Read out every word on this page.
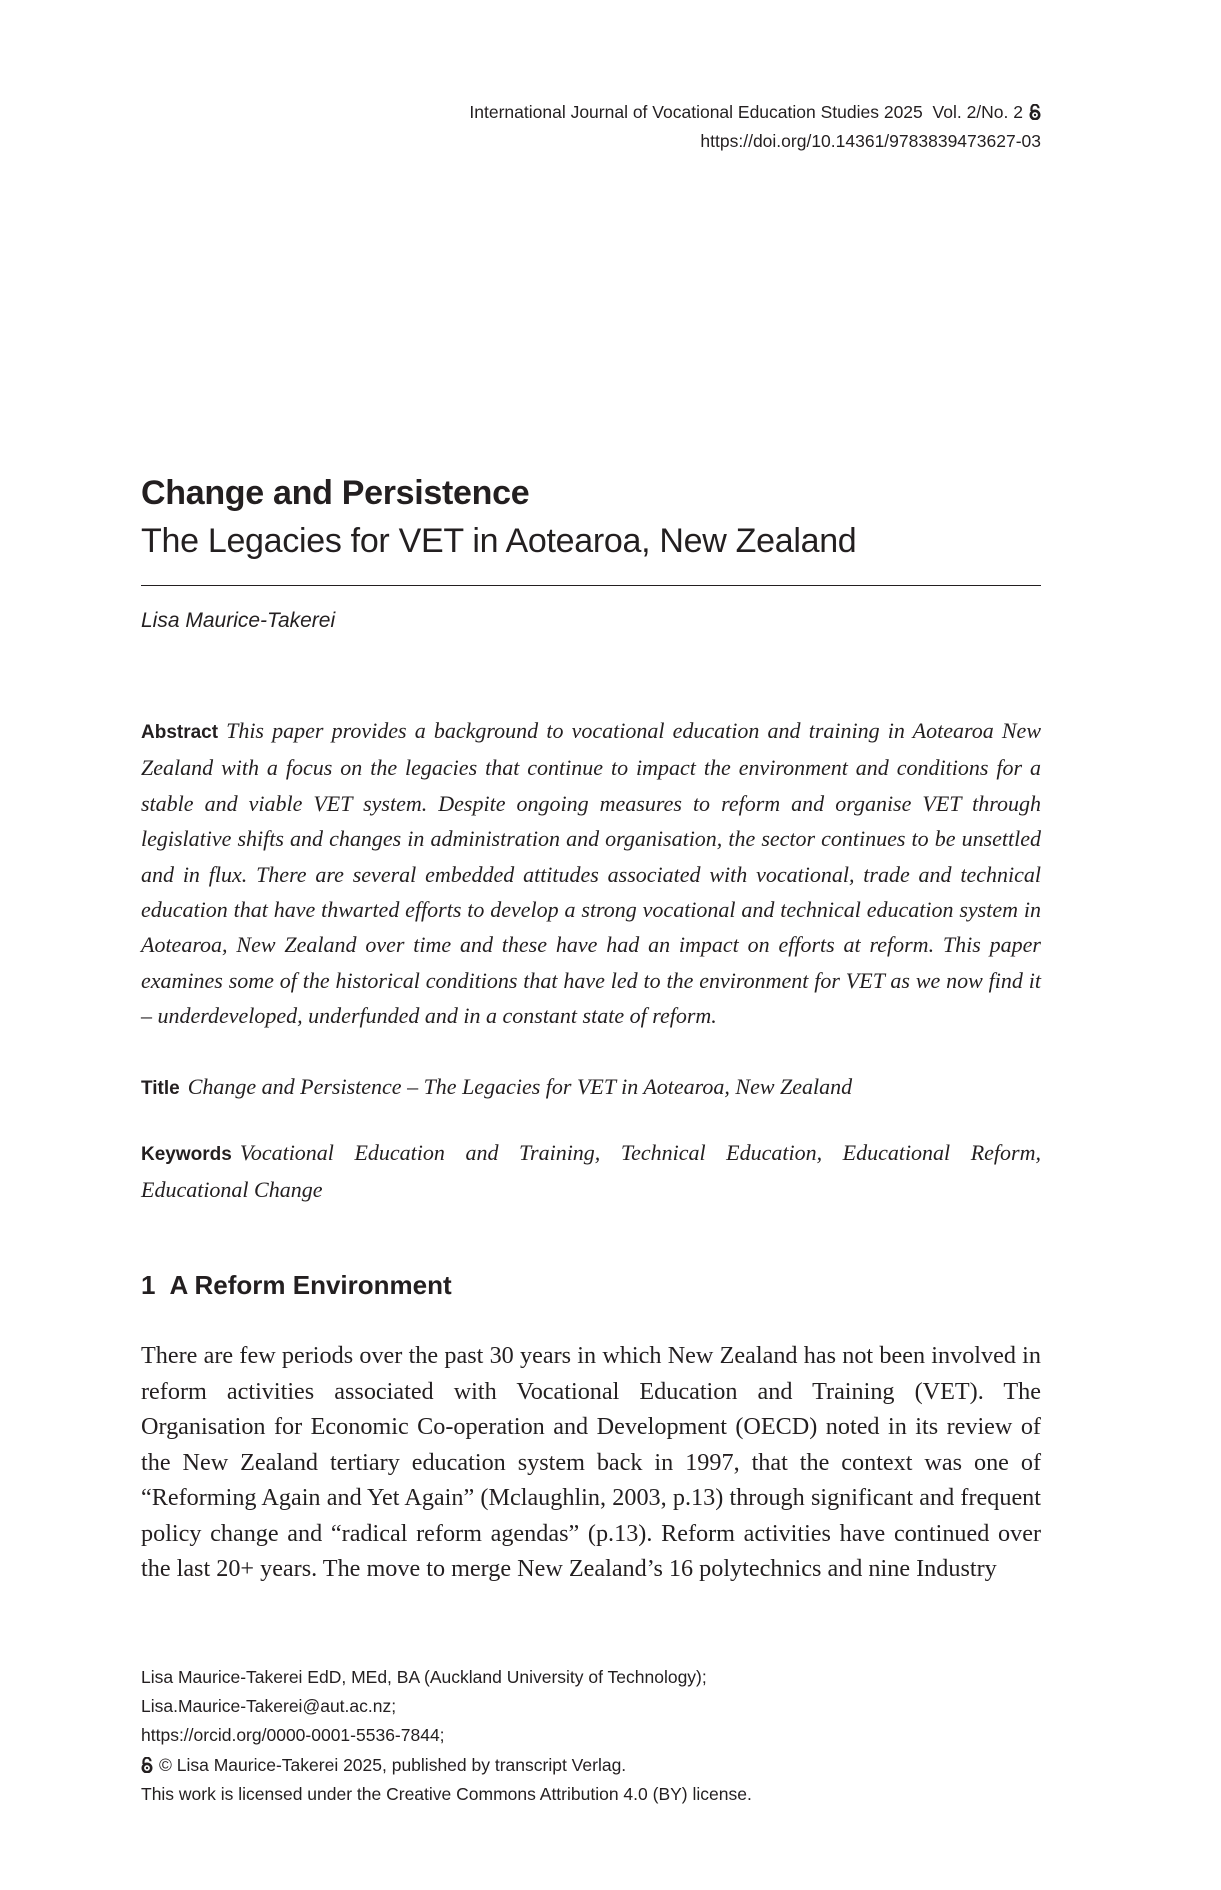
International Journal of Vocational Education Studies 2025 Vol. 2/No. 2
https://doi.org/10.14361/9783839473627-03
Change and Persistence
The Legacies for VET in Aotearoa, New Zealand
Lisa Maurice-Takerei
Abstract This paper provides a background to vocational education and training in Aotearoa New Zealand with a focus on the legacies that continue to impact the environment and conditions for a stable and viable VET system. Despite ongoing measures to reform and organise VET through legislative shifts and changes in administration and organisation, the sector continues to be unsettled and in flux. There are several embedded attitudes associated with vocational, trade and technical education that have thwarted efforts to develop a strong vocational and technical education system in Aotearoa, New Zealand over time and these have had an impact on efforts at reform. This paper examines some of the historical conditions that have led to the environment for VET as we now find it – underdeveloped, underfunded and in a constant state of reform.
Title Change and Persistence – The Legacies for VET in Aotearoa, New Zealand
Keywords Vocational Education and Training, Technical Education, Educational Reform, Educational Change
1 A Reform Environment
There are few periods over the past 30 years in which New Zealand has not been involved in reform activities associated with Vocational Education and Training (VET). The Organisation for Economic Co-operation and Development (OECD) noted in its review of the New Zealand tertiary education system back in 1997, that the context was one of “Reforming Again and Yet Again” (Mclaughlin, 2003, p.13) through significant and frequent policy change and “radical reform agendas” (p.13). Reform activities have continued over the last 20+ years. The move to merge New Zealand’s 16 polytechnics and nine Industry
Lisa Maurice-Takerei EdD, MEd, BA (Auckland University of Technology);
Lisa.Maurice-Takerei@aut.ac.nz;
https://orcid.org/0000-0001-5536-7844;
© Lisa Maurice-Takerei 2025, published by transcript Verlag.
This work is licensed under the Creative Commons Attribution 4.0 (BY) license.
